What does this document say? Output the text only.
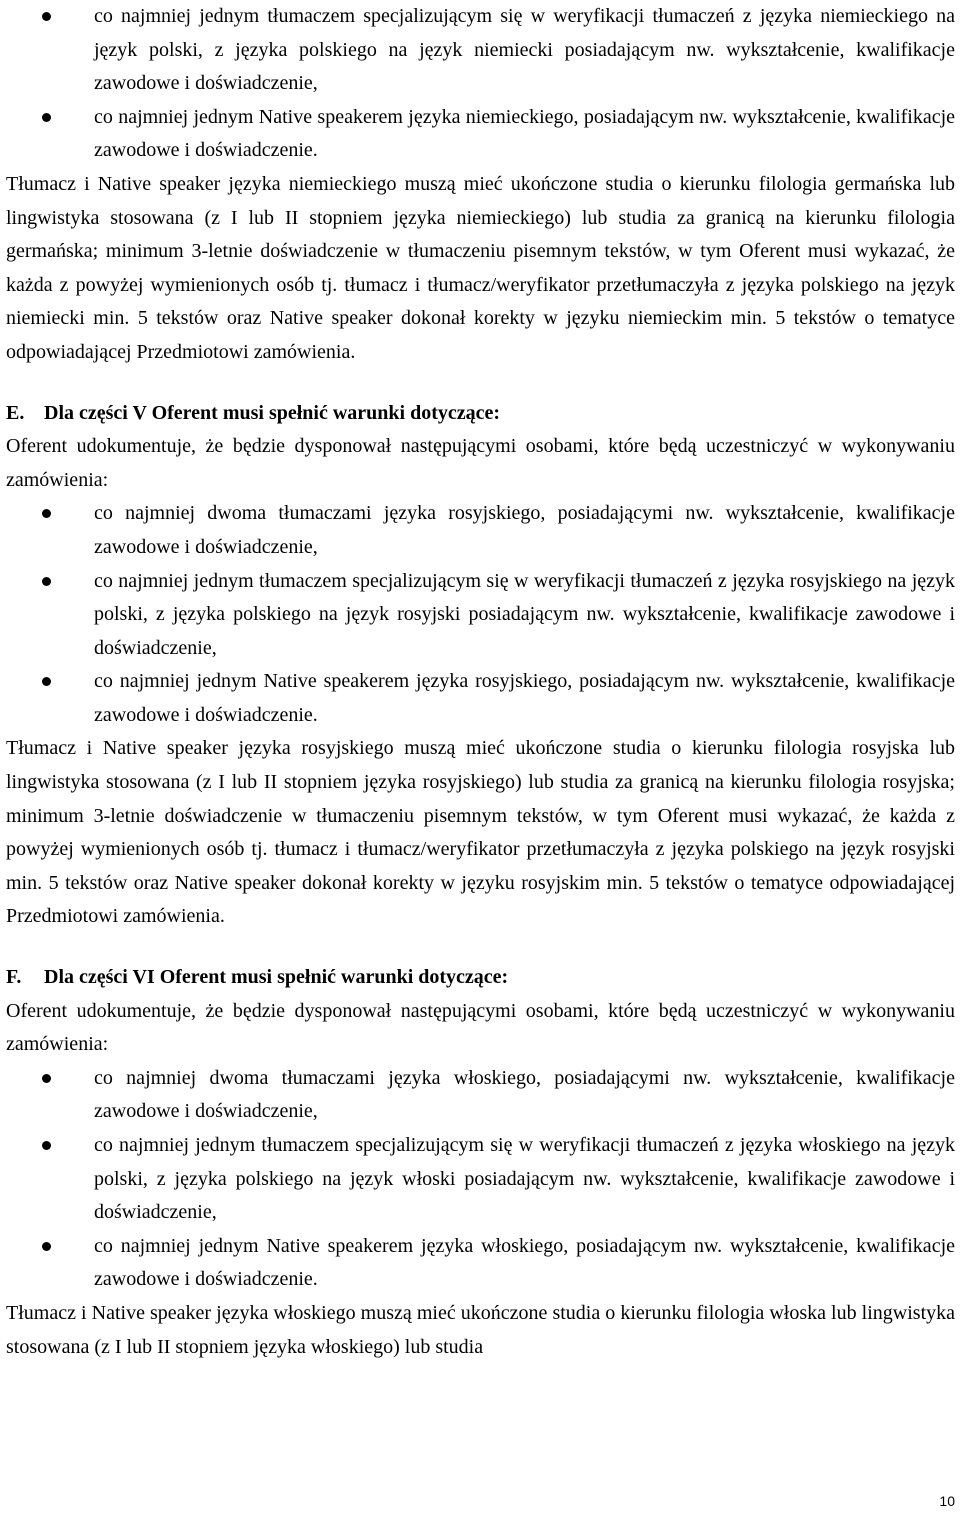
co najmniej jednym tłumaczem specjalizującym się w weryfikacji tłumaczeń z języka niemieckiego na język polski, z języka polskiego na język niemiecki posiadającym nw. wykształcenie, kwalifikacje zawodowe i doświadczenie,
co najmniej jednym Native speakerem języka niemieckiego, posiadającym nw. wykształcenie, kwalifikacje zawodowe i doświadczenie.

Tłumacz i Native speaker języka niemieckiego muszą mieć ukończone studia o kierunku filologia germańska lub lingwistyka stosowana (z I lub II stopniem języka niemieckiego) lub studia za granicą na kierunku filologia germańska; minimum 3-letnie doświadczenie w tłumaczeniu pisemnym tekstów, w tym Oferent musi wykazać, że każda z powyżej wymienionych osób tj. tłumacz i tłumacz/weryfikator przetłumaczyła z języka polskiego na język niemiecki min. 5 tekstów oraz Native speaker dokonał korekty w języku niemieckim min. 5 tekstów o tematyce odpowiadającej Przedmiotowi zamówienia.

E. Dla części V Oferent musi spełnić warunki dotyczące:

Oferent udokumentuje, że będzie dysponował następującymi osobami, które będą uczestniczyć w wykonywaniu zamówienia:

co najmniej dwoma tłumaczami języka rosyjskiego, posiadającymi nw. wykształcenie, kwalifikacje zawodowe i doświadczenie,
co najmniej jednym tłumaczem specjalizującym się w weryfikacji tłumaczeń z języka rosyjskiego na język polski, z języka polskiego na język rosyjski posiadającym nw. wykształcenie, kwalifikacje zawodowe i doświadczenie,
co najmniej jednym Native speakerem języka rosyjskiego, posiadającym nw. wykształcenie, kwalifikacje zawodowe i doświadczenie.

Tłumacz i Native speaker języka rosyjskiego muszą mieć ukończone studia o kierunku filologia rosyjska lub lingwistyka stosowana (z I lub II stopniem języka rosyjskiego) lub studia za granicą na kierunku filologia rosyjska; minimum 3-letnie doświadczenie w tłumaczeniu pisemnym tekstów, w tym Oferent musi wykazać, że każda z powyżej wymienionych osób tj. tłumacz i tłumacz/weryfikator przetłumaczyła z języka polskiego na język rosyjski min. 5 tekstów oraz Native speaker dokonał korekty w języku rosyjskim min. 5 tekstów o tematyce odpowiadającej Przedmiotowi zamówienia.

F. Dla części VI Oferent musi spełnić warunki dotyczące:

Oferent udokumentuje, że będzie dysponował następującymi osobami, które będą uczestniczyć w wykonywaniu zamówienia:

co najmniej dwoma tłumaczami języka włoskiego, posiadającymi nw. wykształcenie, kwalifikacje zawodowe i doświadczenie,
co najmniej jednym tłumaczem specjalizującym się w weryfikacji tłumaczeń z języka włoskiego na język polski, z języka polskiego na język włoski posiadającym nw. wykształcenie, kwalifikacje zawodowe i doświadczenie,
co najmniej jednym Native speakerem języka włoskiego, posiadającym nw. wykształcenie, kwalifikacje zawodowe i doświadczenie.

Tłumacz i Native speaker języka włoskiego muszą mieć ukończone studia o kierunku filologia włoska lub lingwistyka stosowana (z I lub II stopniem języka włoskiego) lub studia

10
